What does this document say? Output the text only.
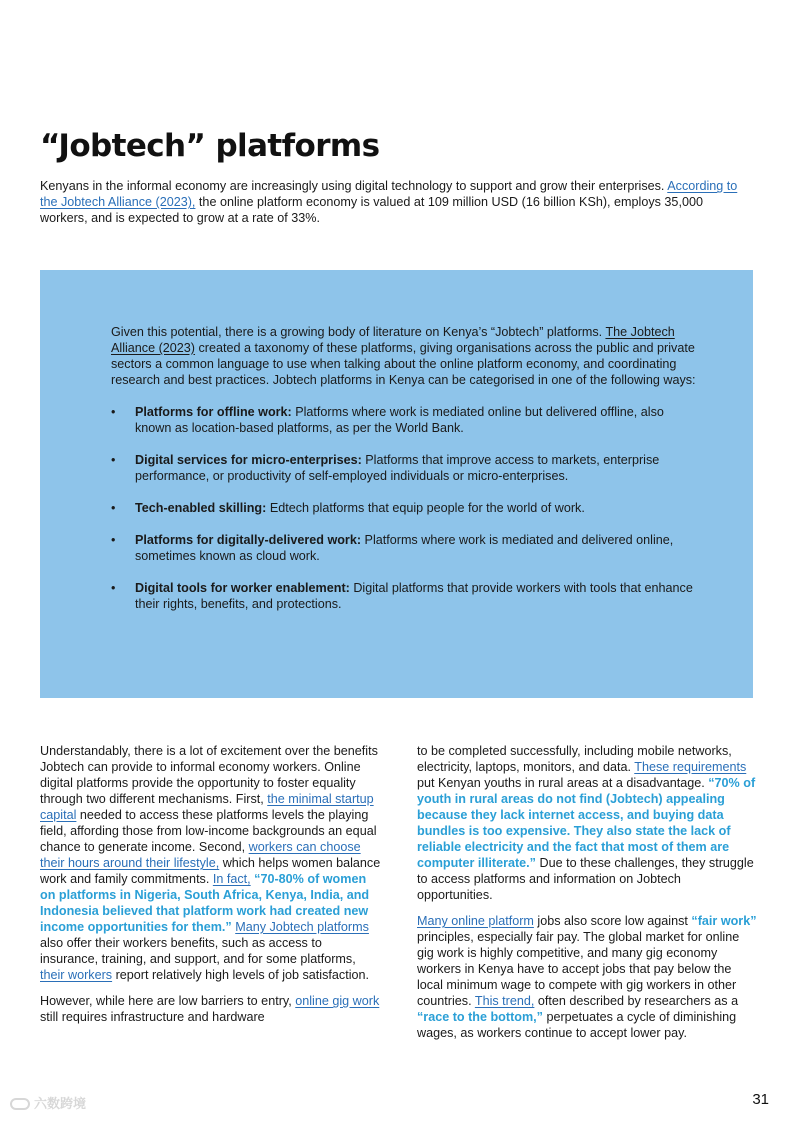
“Jobtech” platforms

Kenyans in the informal economy are increasingly using digital technology to support and grow their enterprises. According to the Jobtech Alliance (2023), the online platform economy is valued at 109 million USD (16 billion KSh), employs 35,000 workers, and is expected to grow at a rate of 33%.

Given this potential, there is a growing body of literature on Kenya’s “Jobtech” platforms. The Jobtech Alliance (2023) created a taxonomy of these platforms, giving organisations across the public and private sectors a common language to use when talking about the online platform economy, and coordinating research and best practices. Jobtech platforms in Kenya can be categorised in one of the following ways:

• Platforms for offline work: Platforms where work is mediated online but delivered offline, also known as location-based platforms, as per the World Bank.
• Digital services for micro-enterprises: Platforms that improve access to markets, enterprise performance, or productivity of self-employed individuals or micro-enterprises.
• Tech-enabled skilling: Edtech platforms that equip people for the world of work.
• Platforms for digitally-delivered work: Platforms where work is mediated and delivered online, sometimes known as cloud work.
• Digital tools for worker enablement: Digital platforms that provide workers with tools that enhance their rights, benefits, and protections.

Understandably, there is a lot of excitement over the benefits Jobtech can provide to informal economy workers. Online digital platforms provide the opportunity to foster equality through two different mechanisms. First, the minimal startup capital needed to access these platforms levels the playing field, affording those from low-income backgrounds an equal chance to generate income. Second, workers can choose their hours around their lifestyle, which helps women balance work and family commitments. In fact, “70-80% of women on platforms in Nigeria, South Africa, Kenya, India, and Indonesia believed that platform work had created new income opportunities for them.” Many Jobtech platforms also offer their workers benefits, such as access to insurance, training, and support, and for some platforms, their workers report relatively high levels of job satisfaction.

However, while here are low barriers to entry, online gig work still requires infrastructure and hardware

to be completed successfully, including mobile networks, electricity, laptops, monitors, and data. These requirements put Kenyan youths in rural areas at a disadvantage. “70% of youth in rural areas do not find (Jobtech) appealing because they lack internet access, and buying data bundles is too expensive. They also state the lack of reliable electricity and the fact that most of them are computer illiterate.” Due to these challenges, they struggle to access platforms and information on Jobtech opportunities.

Many online platform jobs also score low against “fair work” principles, especially fair pay. The global market for online gig work is highly competitive, and many gig economy workers in Kenya have to accept jobs that pay below the local minimum wage to compete with gig workers in other countries. This trend, often described by researchers as a “race to the bottom,” perpetuates a cycle of diminishing wages, as workers continue to accept lower pay.

六数跨境	31
